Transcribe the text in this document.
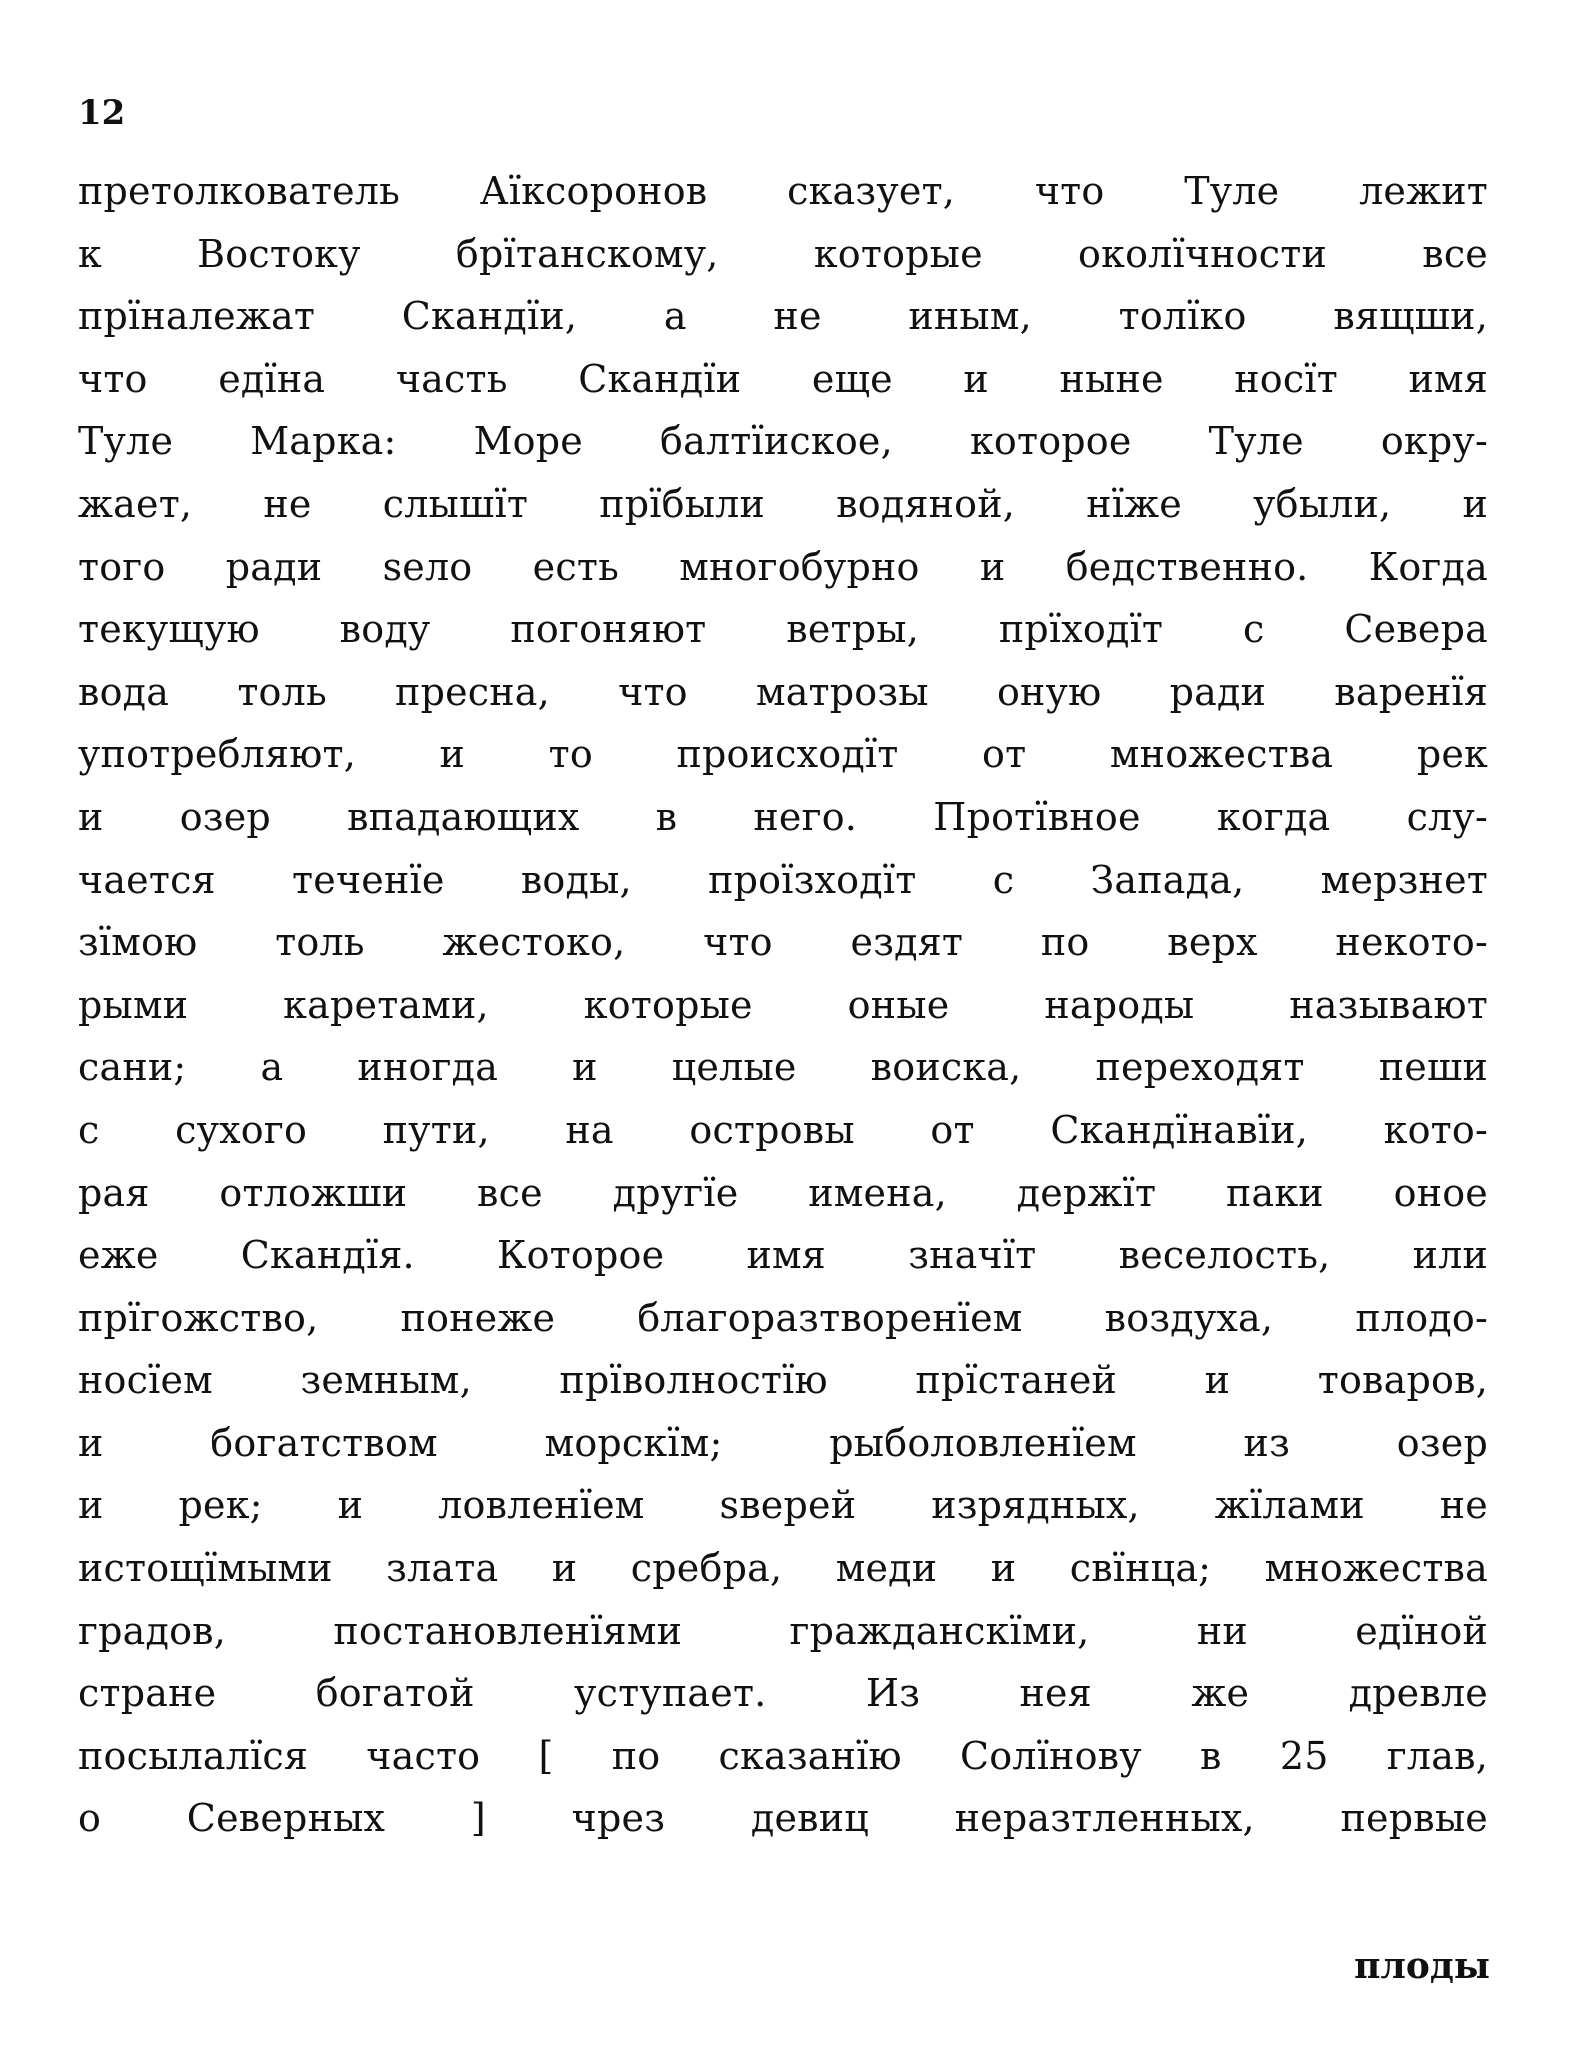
12
претолкователь Аїксоронов сказует, что Туле лежит
к Востоку брїтанскому, которые околїчности все
прїналежат Скандїи, а не иным, толїко вящши,
что едїна часть Скандїи еще и ныне носїт имя
Туле Марка: Море балтїиское, которое Туле окру-
жает, не слышїт прїбыли водяной, нїже убыли, и
того ради ѕело есть многобурно и бедственно. Когда
текущую воду погоняют ветры, прїходїт с Севера
вода толь пресна, что матрозы оную ради варенїя
употребляют, и то происходїт от множества рек
и озер впадающих в него. Протївное когда слу-
чается теченїе воды, проїзходїт с Запада, мерзнет
зїмою толь жестоко, что ездят по верх некото-
рыми каретами, которые оные народы называют
сани; а иногда и целые воиска, переходят пеши
с сухого пути, на островы от Скандїнавїи, кото-
рая отложши все другїе имена, держїт паки оное
еже Скандїя. Которое имя значїт веселость, или
прїгожство, понеже благоразтворенїем воздуха, плодо-
носїем земным, прїволностїю прїстаней и товаров,
и богатством морскїм; рыболовленїем из озер
и рек; и ловленїем ѕверей изрядных, жїлами не
истощїмыми злата и сребра, меди и свїнца; множества
градов, постановленїями гражданскїми, ни едїной
стране богатой уступает. Из нея же древле
посылалїся часто [ по сказанїю Солїнову в 25 глав,
о Северных ] чрез девиц неразтленных, первые
плоды
